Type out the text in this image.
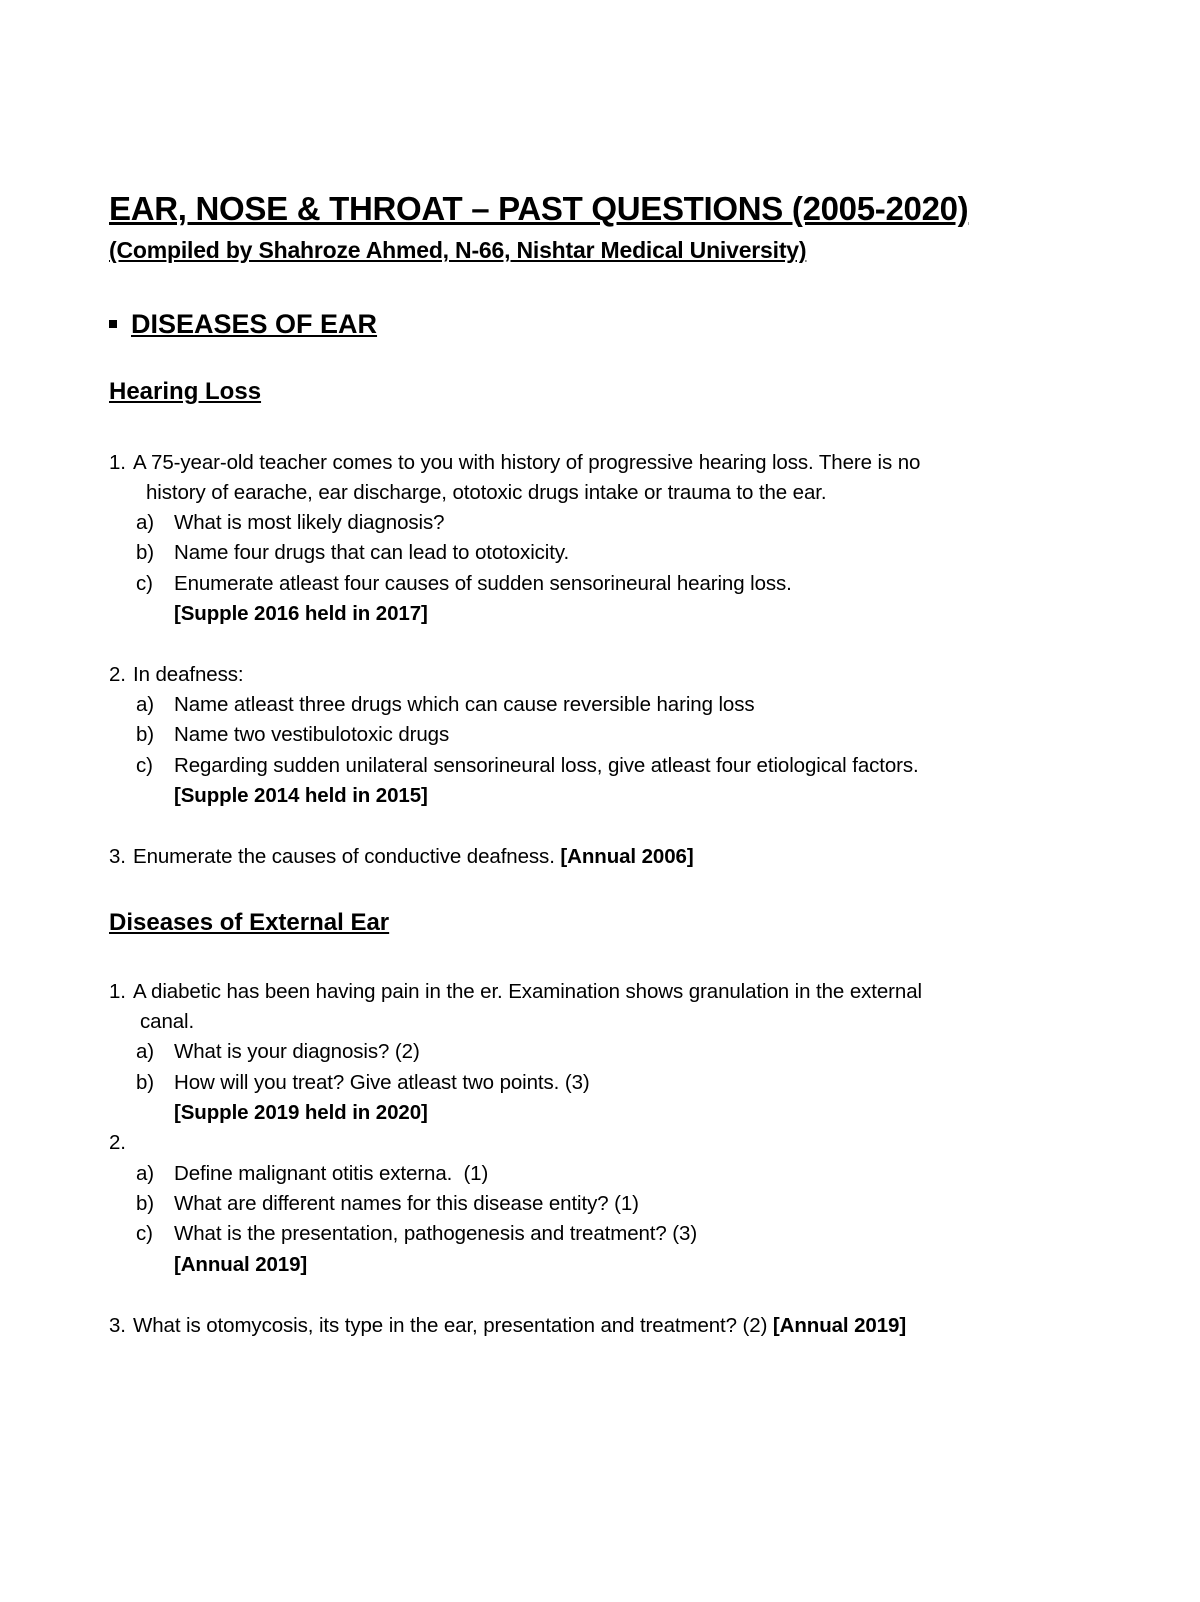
EAR, NOSE & THROAT – PAST QUESTIONS (2005-2020)
(Compiled by Shahroze Ahmed, N-66, Nishtar Medical University)
DISEASES OF EAR
Hearing Loss
1. A 75-year-old teacher comes to you with history of progressive hearing loss. There is no
history of earache, ear discharge, ototoxic drugs intake or trauma to the ear.
a) What is most likely diagnosis?
b) Name four drugs that can lead to ototoxicity.
c) Enumerate atleast four causes of sudden sensorineural hearing loss.
[Supple 2016 held in 2017]
2. In deafness:
a) Name atleast three drugs which can cause reversible haring loss
b) Name two vestibulotoxic drugs
c) Regarding sudden unilateral sensorineural loss, give atleast four etiological factors.
[Supple 2014 held in 2015]
3. Enumerate the causes of conductive deafness. [Annual 2006]
Diseases of External Ear
1. A diabetic has been having pain in the er. Examination shows granulation in the external
canal.
a) What is your diagnosis? (2)
b) How will you treat? Give atleast two points. (3)
[Supple 2019 held in 2020]
2.
a) Define malignant otitis externa.  (1)
b) What are different names for this disease entity? (1)
c) What is the presentation, pathogenesis and treatment? (3)
[Annual 2019]
3. What is otomycosis, its type in the ear, presentation and treatment? (2) [Annual 2019]
